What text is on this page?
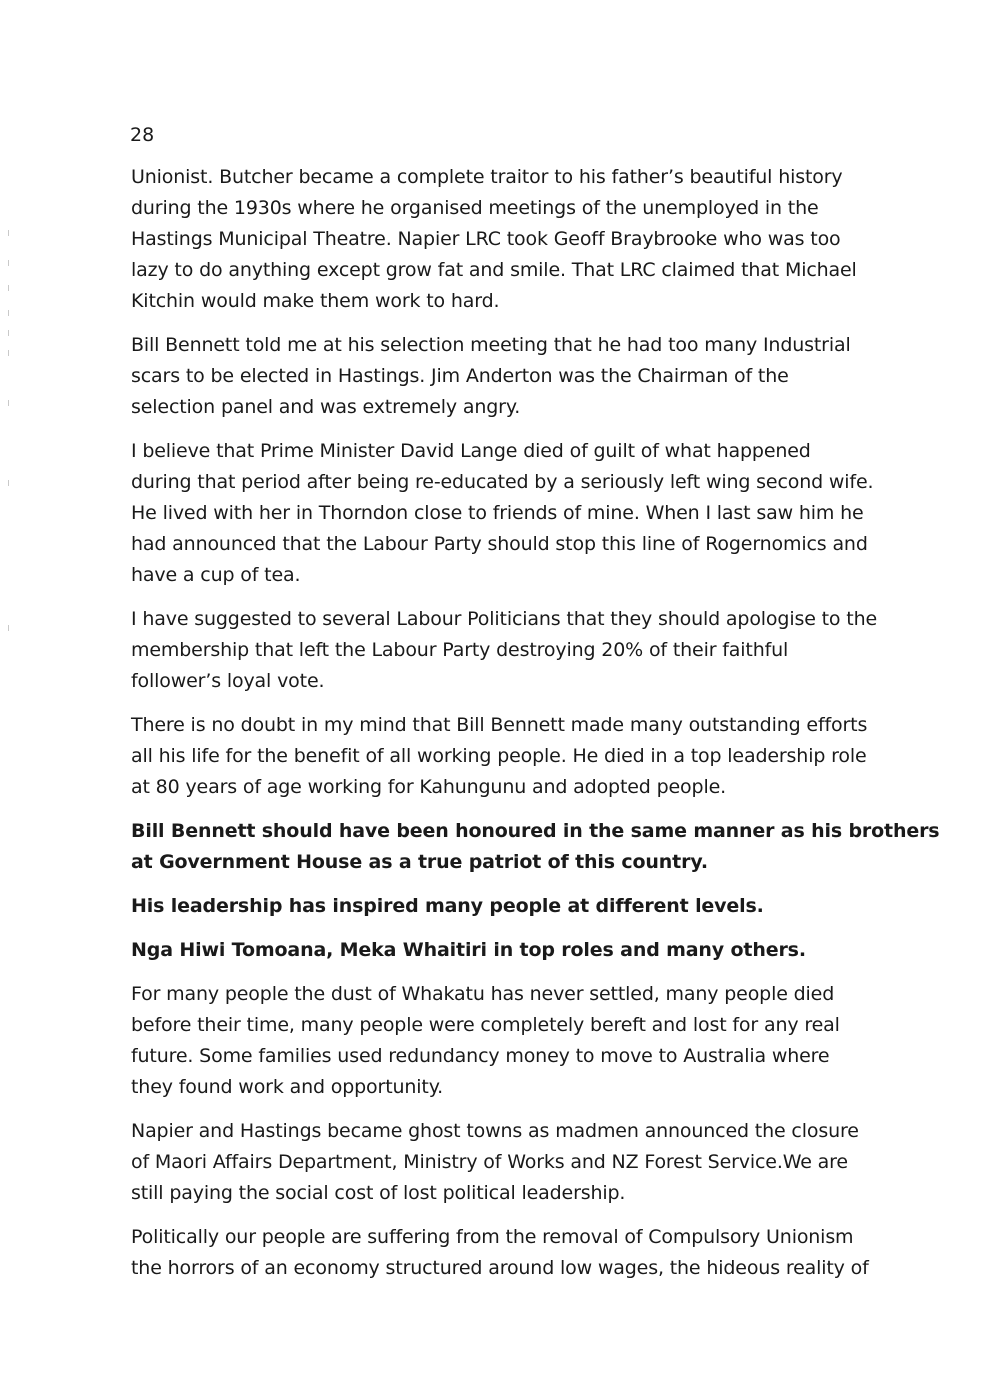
28
Unionist. Butcher became a complete traitor to his father’s beautiful history
during the 1930s where he organised meetings of the unemployed in the
Hastings Municipal Theatre. Napier LRC took Geoff Braybrooke who was too
lazy to do anything except grow fat and smile. That LRC claimed that Michael
Kitchin would make them work to hard.
Bill Bennett told me at his selection meeting that he had too many Industrial
scars to be elected in Hastings. Jim Anderton was the Chairman of the
selection panel and was extremely angry.
I believe that Prime Minister David Lange died of guilt of what happened
during that period after being re-educated by a seriously left wing second wife.
He lived with her in Thorndon close to friends of mine. When I last saw him he
had announced that the Labour Party should stop this line of Rogernomics and
have a cup of tea.
I have suggested to several Labour Politicians that they should apologise to the
membership that left the Labour Party destroying 20% of their faithful
follower’s loyal vote.
There is no doubt in my mind that Bill Bennett made many outstanding efforts
all his life for the benefit of all working people. He died in a top leadership role
at 80 years of age working for Kahungunu and adopted people.
Bill Bennett should have been honoured in the same manner as his brothers
at Government House as a true patriot of this country.
His leadership has inspired many people at different levels.
Nga Hiwi Tomoana, Meka Whaitiri in top roles and many others.
For many people the dust of Whakatu has never settled, many people died
before their time, many people were completely bereft and lost for any real
future. Some families used redundancy money to move to Australia where
they found work and opportunity.
Napier and Hastings became ghost towns as madmen announced the closure
of Maori Affairs Department, Ministry of Works and NZ Forest Service.We are
still paying the social cost of lost political leadership.
Politically our people are suffering from the removal of Compulsory Unionism
the horrors of an economy structured around low wages, the hideous reality of
